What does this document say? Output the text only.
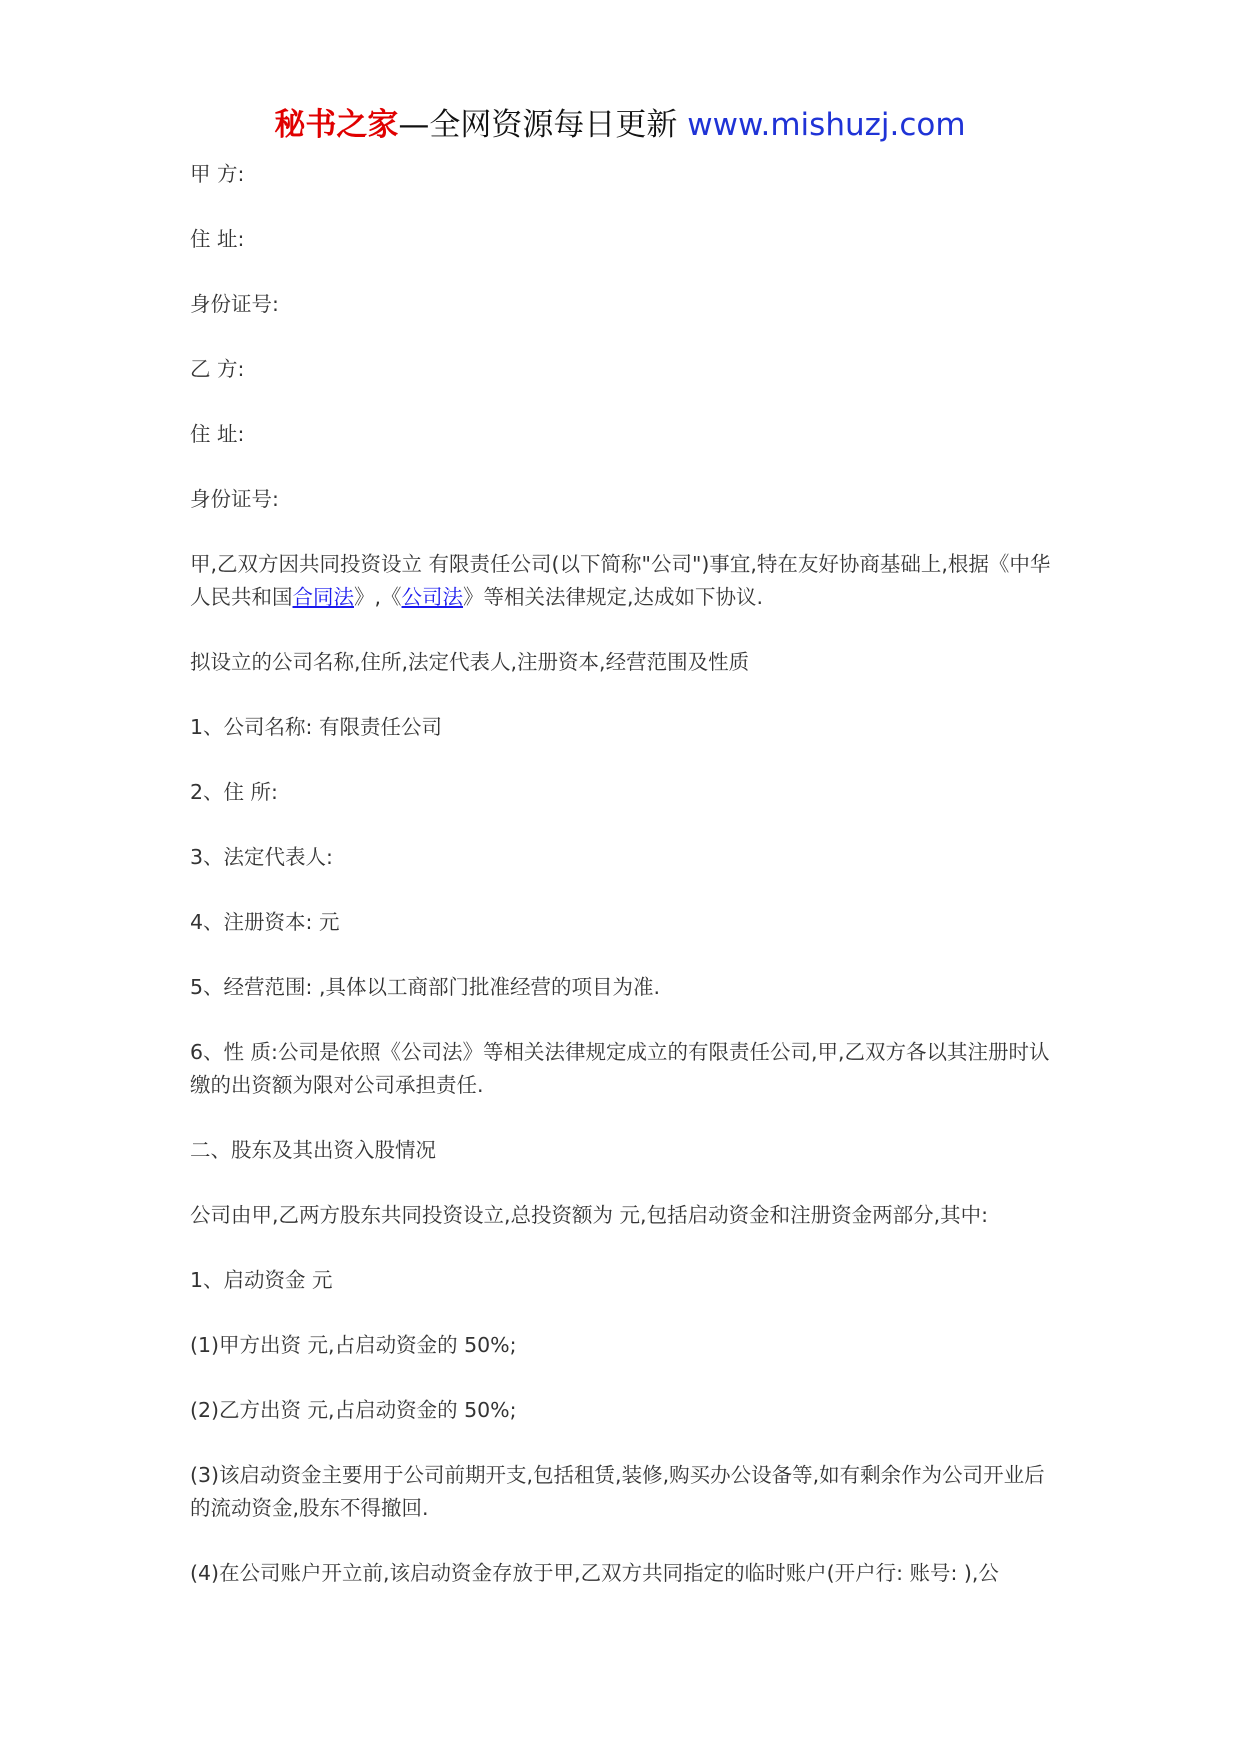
秘书之家—全网资源每日更新 www.mishuzj.com

甲 方:

住 址:

身份证号:

乙 方:

住 址:

身份证号:

甲,乙双方因共同投资设立 有限责任公司(以下简称"公司")事宜,特在友好协商基础上,根据《中华人民共和国合同法》,《公司法》等相关法律规定,达成如下协议.

拟设立的公司名称,住所,法定代表人,注册资本,经营范围及性质

1、公司名称: 有限责任公司

2、住 所:

3、法定代表人:

4、注册资本: 元

5、经营范围: ,具体以工商部门批准经营的项目为准.

6、性 质:公司是依照《公司法》等相关法律规定成立的有限责任公司,甲,乙双方各以其注册时认缴的出资额为限对公司承担责任.

二、股东及其出资入股情况

公司由甲,乙两方股东共同投资设立,总投资额为 元,包括启动资金和注册资金两部分,其中:

1、启动资金 元

(1)甲方出资 元,占启动资金的 50%;

(2)乙方出资 元,占启动资金的 50%;

(3)该启动资金主要用于公司前期开支,包括租赁,装修,购买办公设备等,如有剩余作为公司开业后的流动资金,股东不得撤回.

(4)在公司账户开立前,该启动资金存放于甲,乙双方共同指定的临时账户(开户行: 账号: ),公
